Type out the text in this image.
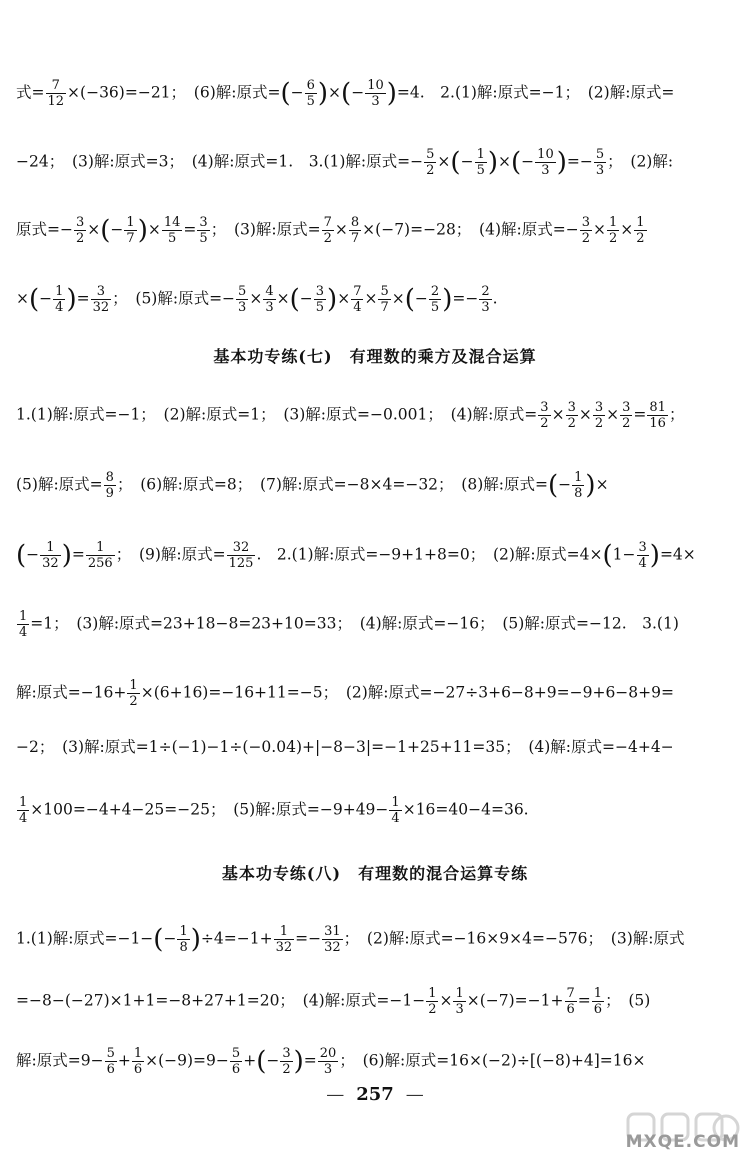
式= $\frac{7}{12} \times(-36)=-21$；　(6)解:原式=(− $\frac{6}{5}$ )×(− $\frac{10}{3} )=4$.　2.(1)解:原式=−1；　(2)解:原式=
−24；　(3)解:原式=3；　(4)解:原式=1.　3.(1)解:原式=− $\frac{5}{2}$ ×(− $\frac{1}{5}$ )×(− $\frac{10}{3}$ )=− $\frac{5}{3}$ ；　(2)解:
原式=− $\frac{3}{2}$ ×(− $\frac{1}{7}$ )× $\frac{14}{5} = \frac{3}{5}$ ；　(3)解:原式= $\frac{7}{2} \times \frac{8}{7} \times(-7)=-28$；　(4)解:原式=− $\frac{3}{2} \times \frac{1}{2} \times \frac{1}{2}$
×(− $\frac{1}{4}$ )= $\frac{3}{32}$ ；　(5)解:原式=− $\frac{5}{3} \times \frac{4}{3}$ ×(− $\frac{3}{5}$ )× $\frac{7}{4} \times \frac{5}{7}$ ×(− $\frac{2}{5}$ )=− $\frac{2}{3}$ .
基本功专练(七)　有理数的乘方及混合运算
1.(1)解:原式=−1；　(2)解:原式=1；　(3)解:原式=−0.001；　(4)解:原式= $\frac{3}{2} \times \frac{3}{2} \times \frac{3}{2} \times \frac{3}{2} = \frac{81}{16}$ ；
(5)解:原式= $\frac{8}{9}$ ；　(6)解:原式=8；　(7)解:原式=−8×4=−32；　(8)解:原式=(− $\frac{1}{8}$ )×
(− $\frac{1}{32}$ )= $\frac{1}{256}$ ；　(9)解:原式= $\frac{32}{125}$ .　2.(1)解:原式=−9+1+8=0；　(2)解:原式$=4\times(1- \frac{3}{4} )=4\times$
$\frac{1}{4} =1$；　(3)解:原式=23+18−8=23+10=33；　(4)解:原式=−16；　(5)解:原式=−12.　3.(1)
解:原式$=-16+ \frac{1}{2} \times(6+16)=-16+11=-5$；　(2)解:原式=−27÷3+6−8+9=−9+6−8+9=
−2；　(3)解:原式=1÷(−1)−1÷(−0.04)+|−8−3|=−1+25+11=35；　(4)解:原式=−4+4−
$\frac{1}{4} \times 100=-4+4-25=-25$；　(5)解:原式$=-9+49- \frac{1}{4} \times 16=40-4=36$.
基本功专练(八)　有理数的混合运算专练
1.(1)解:原式$=-1-(- \frac{1}{8} )\div 4=-1+ \frac{1}{32} =- \frac{31}{32}$ ；　(2)解:原式=−16×9×4=−576；　(3)解:原式
=−8−(−27)×1+1=−8+27+1=20；　(4)解:原式$=-1- \frac{1}{2} \times \frac{1}{3} \times(-7)=-1+ \frac{7}{6} = \frac{1}{6}$ ；　(5)
解:原式$=9- \frac{5}{6} + \frac{1}{6} \times(-9)=9- \frac{5}{6}$ +(− $\frac{3}{2}$ )= $\frac{20}{3}$ ；　(6)解:原式=16×(−2)÷[(−8)+4]=16×
— 257 —
MXQE.COM
